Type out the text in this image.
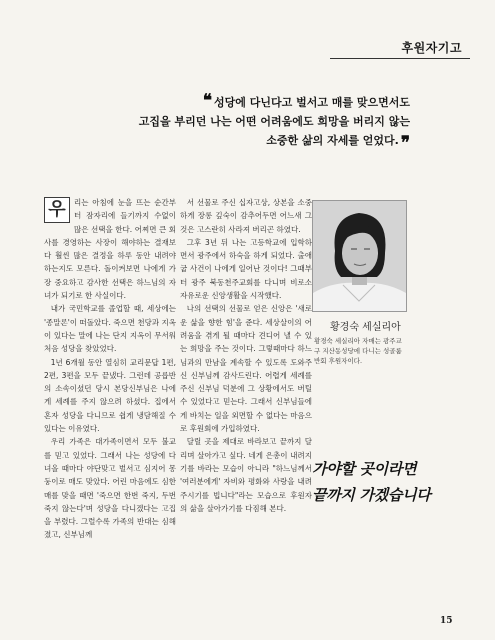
후원자기고
❝ 성당에 다닌다고 벌서고 매를 맞으면서도
고집을 부리던 나는 어떤 어려움에도 희망을 버리지 않는
소중한 삶의 자세를 얻었다. ❞

우	리는 아침에 눈을 뜨는 순간부터 잠자리에 들기까지 수없이 많은 선택을 한다. 어찌면 큰 회사를 경영하는 사장이 해야하는 결재보다 훨씬 많은 결정을 하루 동안 내려야 하는지도 모른다. 돌이켜보면 나에게 가장 중요하고 감사한 선택은 하느님의 자녀가 되기로 한 사실이다.

내가 국민학교를 졸업할 때, 세상에는 '종말론'이 떠돌았다. 죽으면 천당과 지옥이 있다는 말에 나는 단지 지옥이 무서워 처음 성당을 찾았었다.

1년 6개월 동안 열심히 교리문답 1편, 2편, 3편을 모두 끝냈다. 그런데 공릅반의 소속이셨던 당시 본당신부님은 나에게 세례를 주지 않으려 하셨다. 집에서 혼자 성당을 다니므로 쉽게 냉담해질 수 있다는 이유였다.

우리 가족은 대가족이면서 모두 불교를 믿고 있었다. 그래서 나는 성당에 다녀올 때마다 야단맞고 벌서고 심지어 몽둥이로 매도 맞았다. 어린 마음에도 심한 매를 맞을 때면 '죽으면 한번 죽지, 두번 죽지 않는다'며 성당을 다니겠다는 고집을 부렸다. 그럴수록 가족의 반대는 심해졌고, 신부님께

서 선물로 주신 십자고상, 상본을 소중하게 장롱 깊숙이 감추어두면 어느새 그것은 고스란히 사라져 버리곤 하였다.

그후 3년 뒤 나는 고등학교에 입학하면서 광주에서 하숙을 하게 되었다. 출애굽 사건이 나에게 일어난 것이다! 그때부터 광주 북동천주교회를 다니며 비로소 자유로운 신앙생활을 시작했다.

나의 선택의 선물로 얻은 신앙은 '새로운 삶을 향한 힘'을 준다. 세상살이의 어려움을 겪게 될 때마다 견디어 낼 수 있는 희망을 주는 것이다. 그렇때마다 하느님과의 만남을 계속할 수 있도록 도와주신 신부님께 감사드린다. 어렵게 세례를 주신 신부님 덕분에 그 상황에서도 버틸 수 있었다고 믿는다. 그래서 신부님들에게 바치는 일을 외면할 수 없다는 마음으로 후원회에 가입하였다.

달릴 곳을 제대로 바라보고 끝까지 달리며 살아가고 싶다. 네게 은총이 내려지기를 바라는 모습이 아니라 "하느님께서 '여러분에게' 자비와 평화와 사랑을 내려 주시기를 빕니다"라는 모습으로 후원자의 삶을 살아가기를 다짐해 본다.

황경숙 세실리아
황경숙 세실리아 자매는 광주교구 지산동성당에 다니는 성골룸반회 후원자이다.
가야할 곳이라면
끝까지 가겠습니다
15
